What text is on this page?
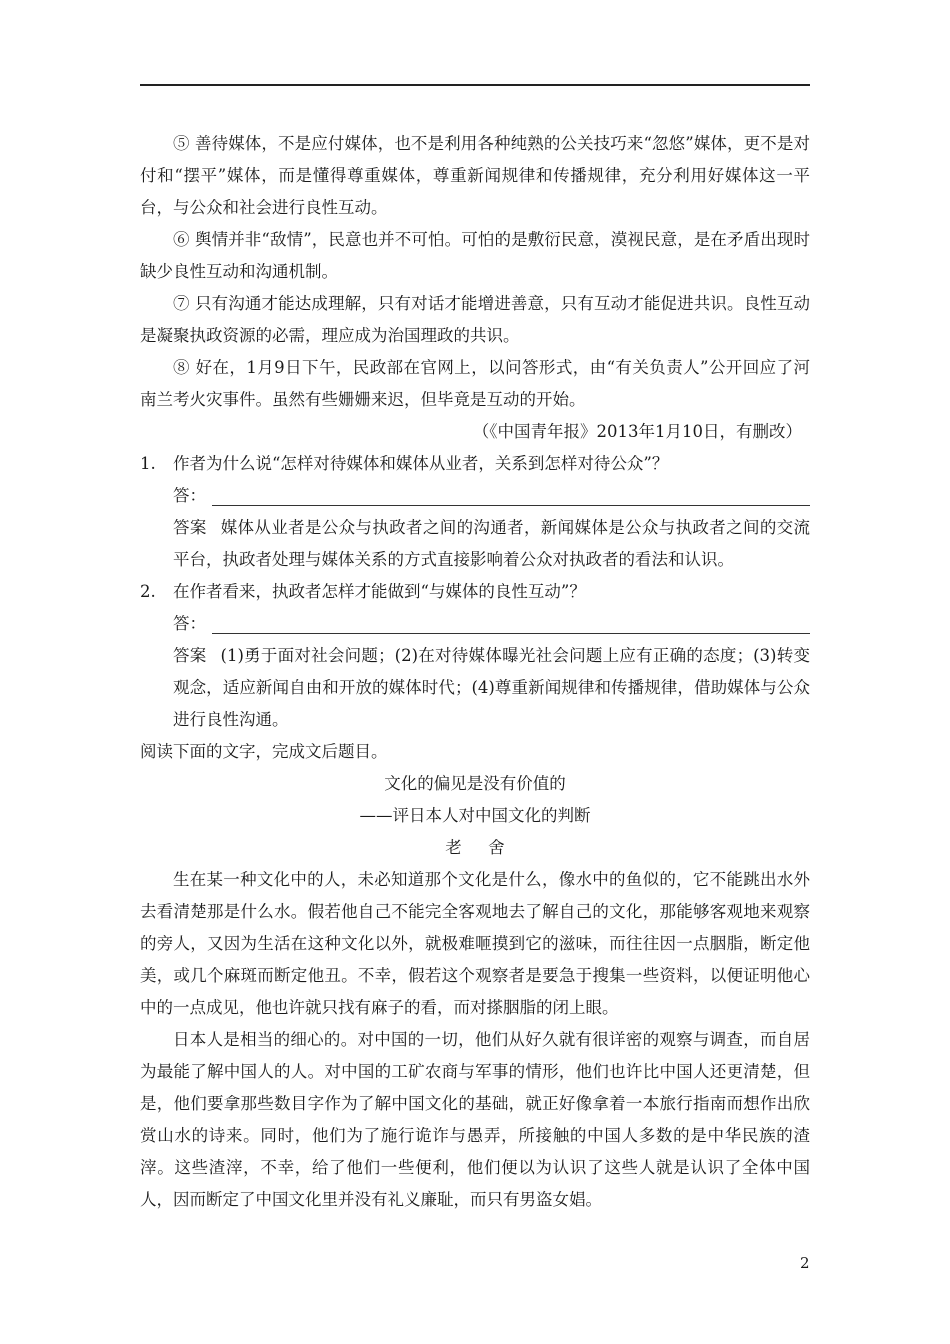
⑤ 善待媒体，不是应付媒体，也不是利用各种纯熟的公关技巧来“忽悠”媒体，更不是对付和“摆平”媒体，而是懂得尊重媒体，尊重新闻规律和传播规律，充分利用好媒体这一平台，与公众和社会进行良性互动。

⑥ 舆情并非“敌情”，民意也并不可怕。可怕的是敷衍民意，漠视民意，是在矛盾出现时缺少良性互动和沟通机制。

⑦ 只有沟通才能达成理解，只有对话才能增进善意，只有互动才能促进共识。良性互动是凝聚执政资源的必需，理应成为治国理政的共识。

⑧ 好在，1月9日下午，民政部在官网上，以问答形式，由“有关负责人”公开回应了河南兰考火灾事件。虽然有些姗姗来迟，但毕竟是互动的开始。

（《中国青年报》2013年1月10日，有删改）

1.	作者为什么说“怎样对待媒体和媒体从业者，关系到怎样对待公众”？
答：

答案 媒体从业者是公众与执政者之间的沟通者，新闻媒体是公众与执政者之间的交流平台，执政者处理与媒体关系的方式直接影响着公众对执政者的看法和认识。

2.	在作者看来，执政者怎样才能做到“与媒体的良性互动”？
答：

答案 (1)勇于面对社会问题；(2)在对待媒体曝光社会问题上应有正确的态度；(3)转变观念，适应新闻自由和开放的媒体时代；(4)尊重新闻规律和传播规律，借助媒体与公众进行良性沟通。

阅读下面的文字，完成文后题目。

文化的偏见是没有价值的

——评日本人对中国文化的判断

老舍

生在某一种文化中的人，未必知道那个文化是什么，像水中的鱼似的，它不能跳出水外去看清楚那是什么水。假若他自己不能完全客观地去了解自己的文化，那能够客观地来观察的旁人，又因为生活在这种文化以外，就极难咂摸到它的滋味，而往往因一点胭脂，断定他美，或几个麻斑而断定他丑。不幸，假若这个观察者是要急于搜集一些资料，以便证明他心中的一点成见，他也许就只找有麻子的看，而对搽胭脂的闭上眼。

日本人是相当的细心的。对中国的一切，他们从好久就有很详密的观察与调查，而自居为最能了解中国人的人。对中国的工矿农商与军事的情形，他们也许比中国人还更清楚，但是，他们要拿那些数目字作为了解中国文化的基础，就正好像拿着一本旅行指南而想作出欣赏山水的诗来。同时，他们为了施行诡诈与愚弄，所接触的中国人多数的是中华民族的渣滓。这些渣滓，不幸，给了他们一些便利，他们便以为认识了这些人就是认识了全体中国人，因而断定了中国文化里并没有礼义廉耻，而只有男盗女娼。

2
